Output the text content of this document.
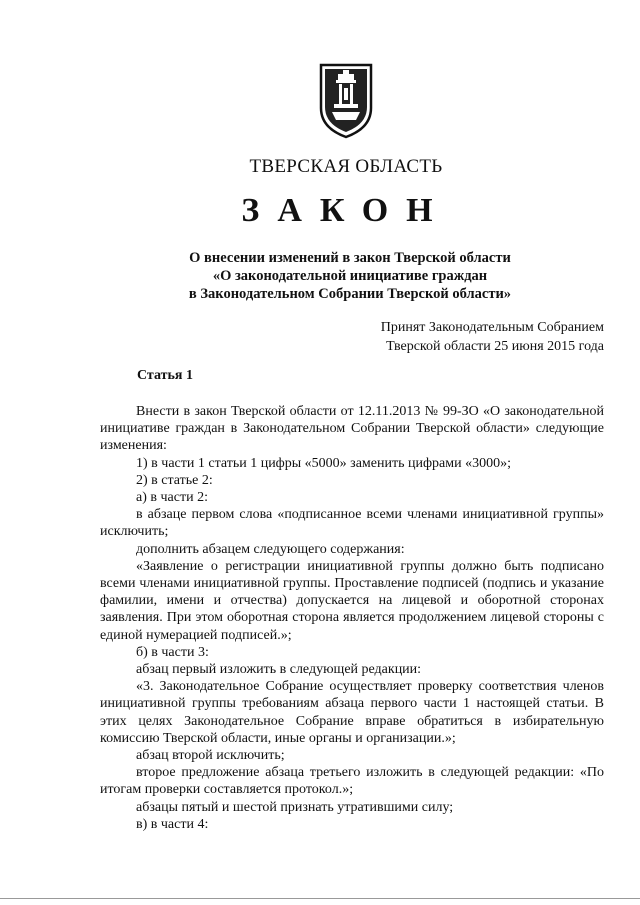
ТВЕРСКАЯ ОБЛАСТЬ
ЗАКОН
О внесении изменений в закон Тверской области
«О законодательной инициативе граждан
в Законодательном Собрании Тверской области»
Принят Законодательным Собранием
Тверской области 25 июня 2015 года
Статья 1

Внести в закон Тверской области от 12.11.2013 № 99-ЗО «О законодательной инициативе граждан в Законодательном Собрании Тверской области» следующие изменения:

1) в части 1 статьи 1 цифры «5000» заменить цифрами «3000»;

2) в статье 2:

а) в части 2:

в абзаце первом слова «подписанное всеми членами инициативной группы» исключить;

дополнить абзацем следующего содержания:

«Заявление о регистрации инициативной группы должно быть подписано всеми членами инициативной группы. Проставление подписей (подпись и указание фамилии, имени и отчества) допускается на лицевой и оборотной сторонах заявления. При этом оборотная сторона является продолжением лицевой стороны с единой нумерацией подписей.»;

б) в части 3:

абзац первый изложить в следующей редакции:

«3. Законодательное Собрание осуществляет проверку соответствия членов инициативной группы требованиям абзаца первого части 1 настоящей статьи. В этих целях Законодательное Собрание вправе обратиться в избирательную комиссию Тверской области, иные органы и организации.»;

абзац второй исключить;

второе предложение абзаца третьего изложить в следующей редакции: «По итогам проверки составляется протокол.»;

абзацы пятый и шестой признать утратившими силу;

в) в части 4:
